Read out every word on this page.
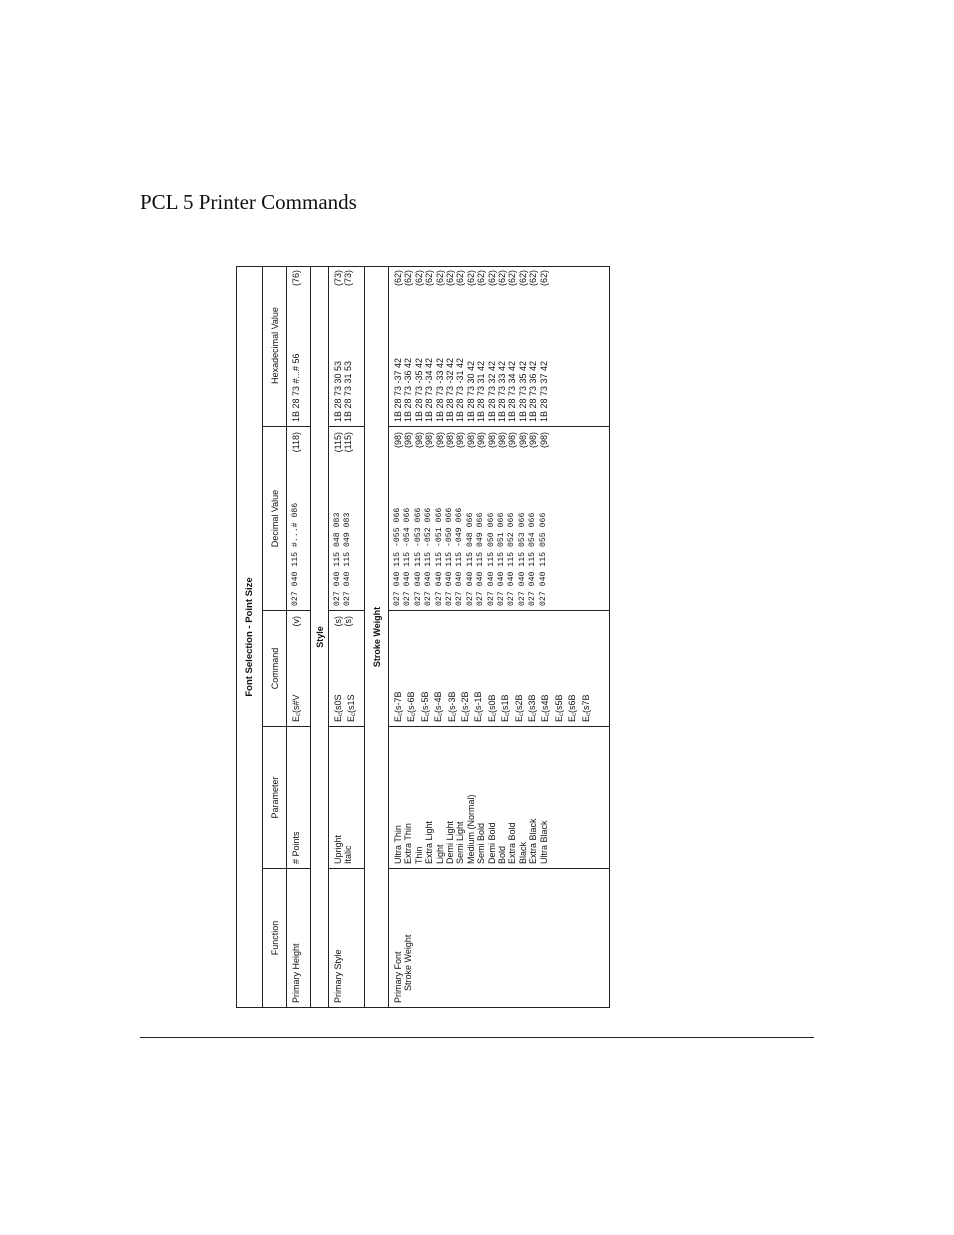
PCL 5 Printer Commands
Font Selection - Point Size
Function
Parameter
Command
Decimal Value
Hexadecimal Value
Primary Height
# Points
$E_c(s\#V$
(v)
027 040 115 #...# 086
(118)
1B 28 73 #...# 56
(76)
Style
Primary Style
Upright Italic
$E_c(s0S$
$E_c(s1S$
(s) (s)
027 040 115 048 083 027 040 115 049 083
(115) (115)
1B 28 73 30 53 1B 28 73 31 53
(73) (73)
Stroke Weight
Primary Font Stroke Weight
Ultra Thin Extra Thin Thin Extra Light Light Demi Light Semi Light Medium (Normal) Semi Bold Demi Bold Bold Extra Bold Black Extra Black Ultra Black
$E_c(s-7B$
$E_c(s-6B$
$E_c(s-5B$
$E_c(s-4B$
$E_c(s-3B$
$E_c(s-2B$
$E_c(s-1B$
$E_c(s0B$
$E_c(s1B$
$E_c(s2B$
$E_c(s3B$
$E_c(s4B$
$E_c(s5B$
$E_c(s6B$
$E_c(s7B$
027 040 115 -055 066 027 040 115 -054 066 027 040 115 -053 066 027 040 115 -052 066 027 040 115 -051 066 027 040 115 -050 066 027 040 115 -049 066 027 040 115 048 066 027 040 115 049 066 027 040 115 050 066 027 040 115 051 066 027 040 115 052 066 027 040 115 053 066 027 040 115 054 066 027 040 115 055 066
(98) (98) (98) (98) (98) (98) (98) (98) (98) (98) (98) (98) (98) (98) (98)
1B 28 73 -37 42 1B 28 73 -36 42 1B 28 73 -35 42 1B 28 73 -34 42 1B 28 73 -33 42 1B 28 73 -32 42 1B 28 73 -31 42 1B 28 73 30 42 1B 28 73 31 42 1B 28 73 32 42 1B 28 73 33 42 1B 28 73 34 42 1B 28 73 35 42 1B 28 73 36 42 1B 28 73 37 42
(62) (62) (62) (62) (62) (62) (62) (62) (62) (62) (62) (62) (62) (62) (62)
